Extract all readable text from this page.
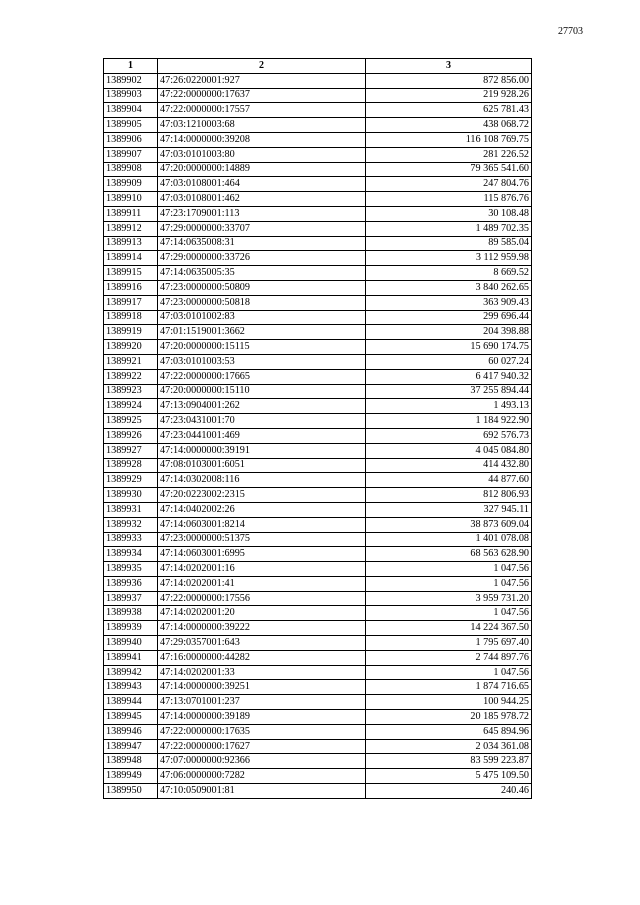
27703
1	2	3
1389902	47:26:0220001:927	872 856.00
1389903	47:22:0000000:17637	219 928.26
1389904	47:22:0000000:17557	625 781.43
1389905	47:03:1210003:68	438 068.72
1389906	47:14:0000000:39208	116 108 769.75
1389907	47:03:0101003:80	281 226.52
1389908	47:20:0000000:14889	79 365 541.60
1389909	47:03:0108001:464	247 804.76
1389910	47:03:0108001:462	115 876.76
1389911	47:23:1709001:113	30 108.48
1389912	47:29:0000000:33707	1 489 702.35
1389913	47:14:0635008:31	89 585.04
1389914	47:29:0000000:33726	3 112 959.98
1389915	47:14:0635005:35	8 669.52
1389916	47:23:0000000:50809	3 840 262.65
1389917	47:23:0000000:50818	363 909.43
1389918	47:03:0101002:83	299 696.44
1389919	47:01:1519001:3662	204 398.88
1389920	47:20:0000000:15115	15 690 174.75
1389921	47:03:0101003:53	60 027.24
1389922	47:22:0000000:17665	6 417 940.32
1389923	47:20:0000000:15110	37 255 894.44
1389924	47:13:0904001:262	1 493.13
1389925	47:23:0431001:70	1 184 922.90
1389926	47:23:0441001:469	692 576.73
1389927	47:14:0000000:39191	4 045 084.80
1389928	47:08:0103001:6051	414 432.80
1389929	47:14:0302008:116	44 877.60
1389930	47:20:0223002:2315	812 806.93
1389931	47:14:0402002:26	327 945.11
1389932	47:14:0603001:8214	38 873 609.04
1389933	47:23:0000000:51375	1 401 078.08
1389934	47:14:0603001:6995	68 563 628.90
1389935	47:14:0202001:16	1 047.56
1389936	47:14:0202001:41	1 047.56
1389937	47:22:0000000:17556	3 959 731.20
1389938	47:14:0202001:20	1 047.56
1389939	47:14:0000000:39222	14 224 367.50
1389940	47:29:0357001:643	1 795 697.40
1389941	47:16:0000000:44282	2 744 897.76
1389942	47:14:0202001:33	1 047.56
1389943	47:14:0000000:39251	1 874 716.65
1389944	47:13:0701001:237	100 944.25
1389945	47:14:0000000:39189	20 185 978.72
1389946	47:22:0000000:17635	645 894.96
1389947	47:22:0000000:17627	2 034 361.08
1389948	47:07:0000000:92366	83 599 223.87
1389949	47:06:0000000:7282	5 475 109.50
1389950	47:10:0509001:81	240.46
